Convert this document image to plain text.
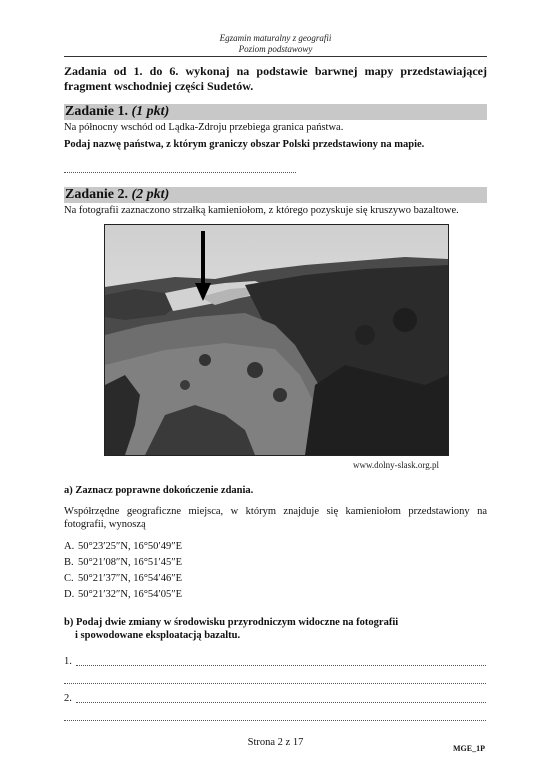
Egzamin maturalny z geografii
Poziom podstawowy
Zadania od 1. do 6. wykonaj na podstawie barwnej mapy przedstawiającej fragment wschodniej części Sudetów.
Zadanie 1. (1 pkt)
Na północny wschód od Lądka-Zdroju przebiega granica państwa.
Podaj nazwę państwa, z którym graniczy obszar Polski przedstawiony na mapie.
Zadanie 2. (2 pkt)
Na fotografii zaznaczono strzałką kamieniołom, z którego pozyskuje się kruszywo bazaltowe.
www.dolny-slask.org.pl
a) Zaznacz poprawne dokończenie zdania.
Współrzędne geograficzne miejsca, w którym znajduje się kamieniołom przedstawiony na fotografii, wynoszą
A. 50°23′25″N, 16°50′49″E
B. 50°21′08″N, 16°51′45″E
C. 50°21′37″N, 16°54′46″E
D. 50°21′32″N, 16°54′05″E
b) Podaj dwie zmiany w środowisku przyrodniczym widoczne na fotografii
i spowodowane eksploatacją bazaltu.
1.
2.
Strona 2 z 17
MGE_1P
